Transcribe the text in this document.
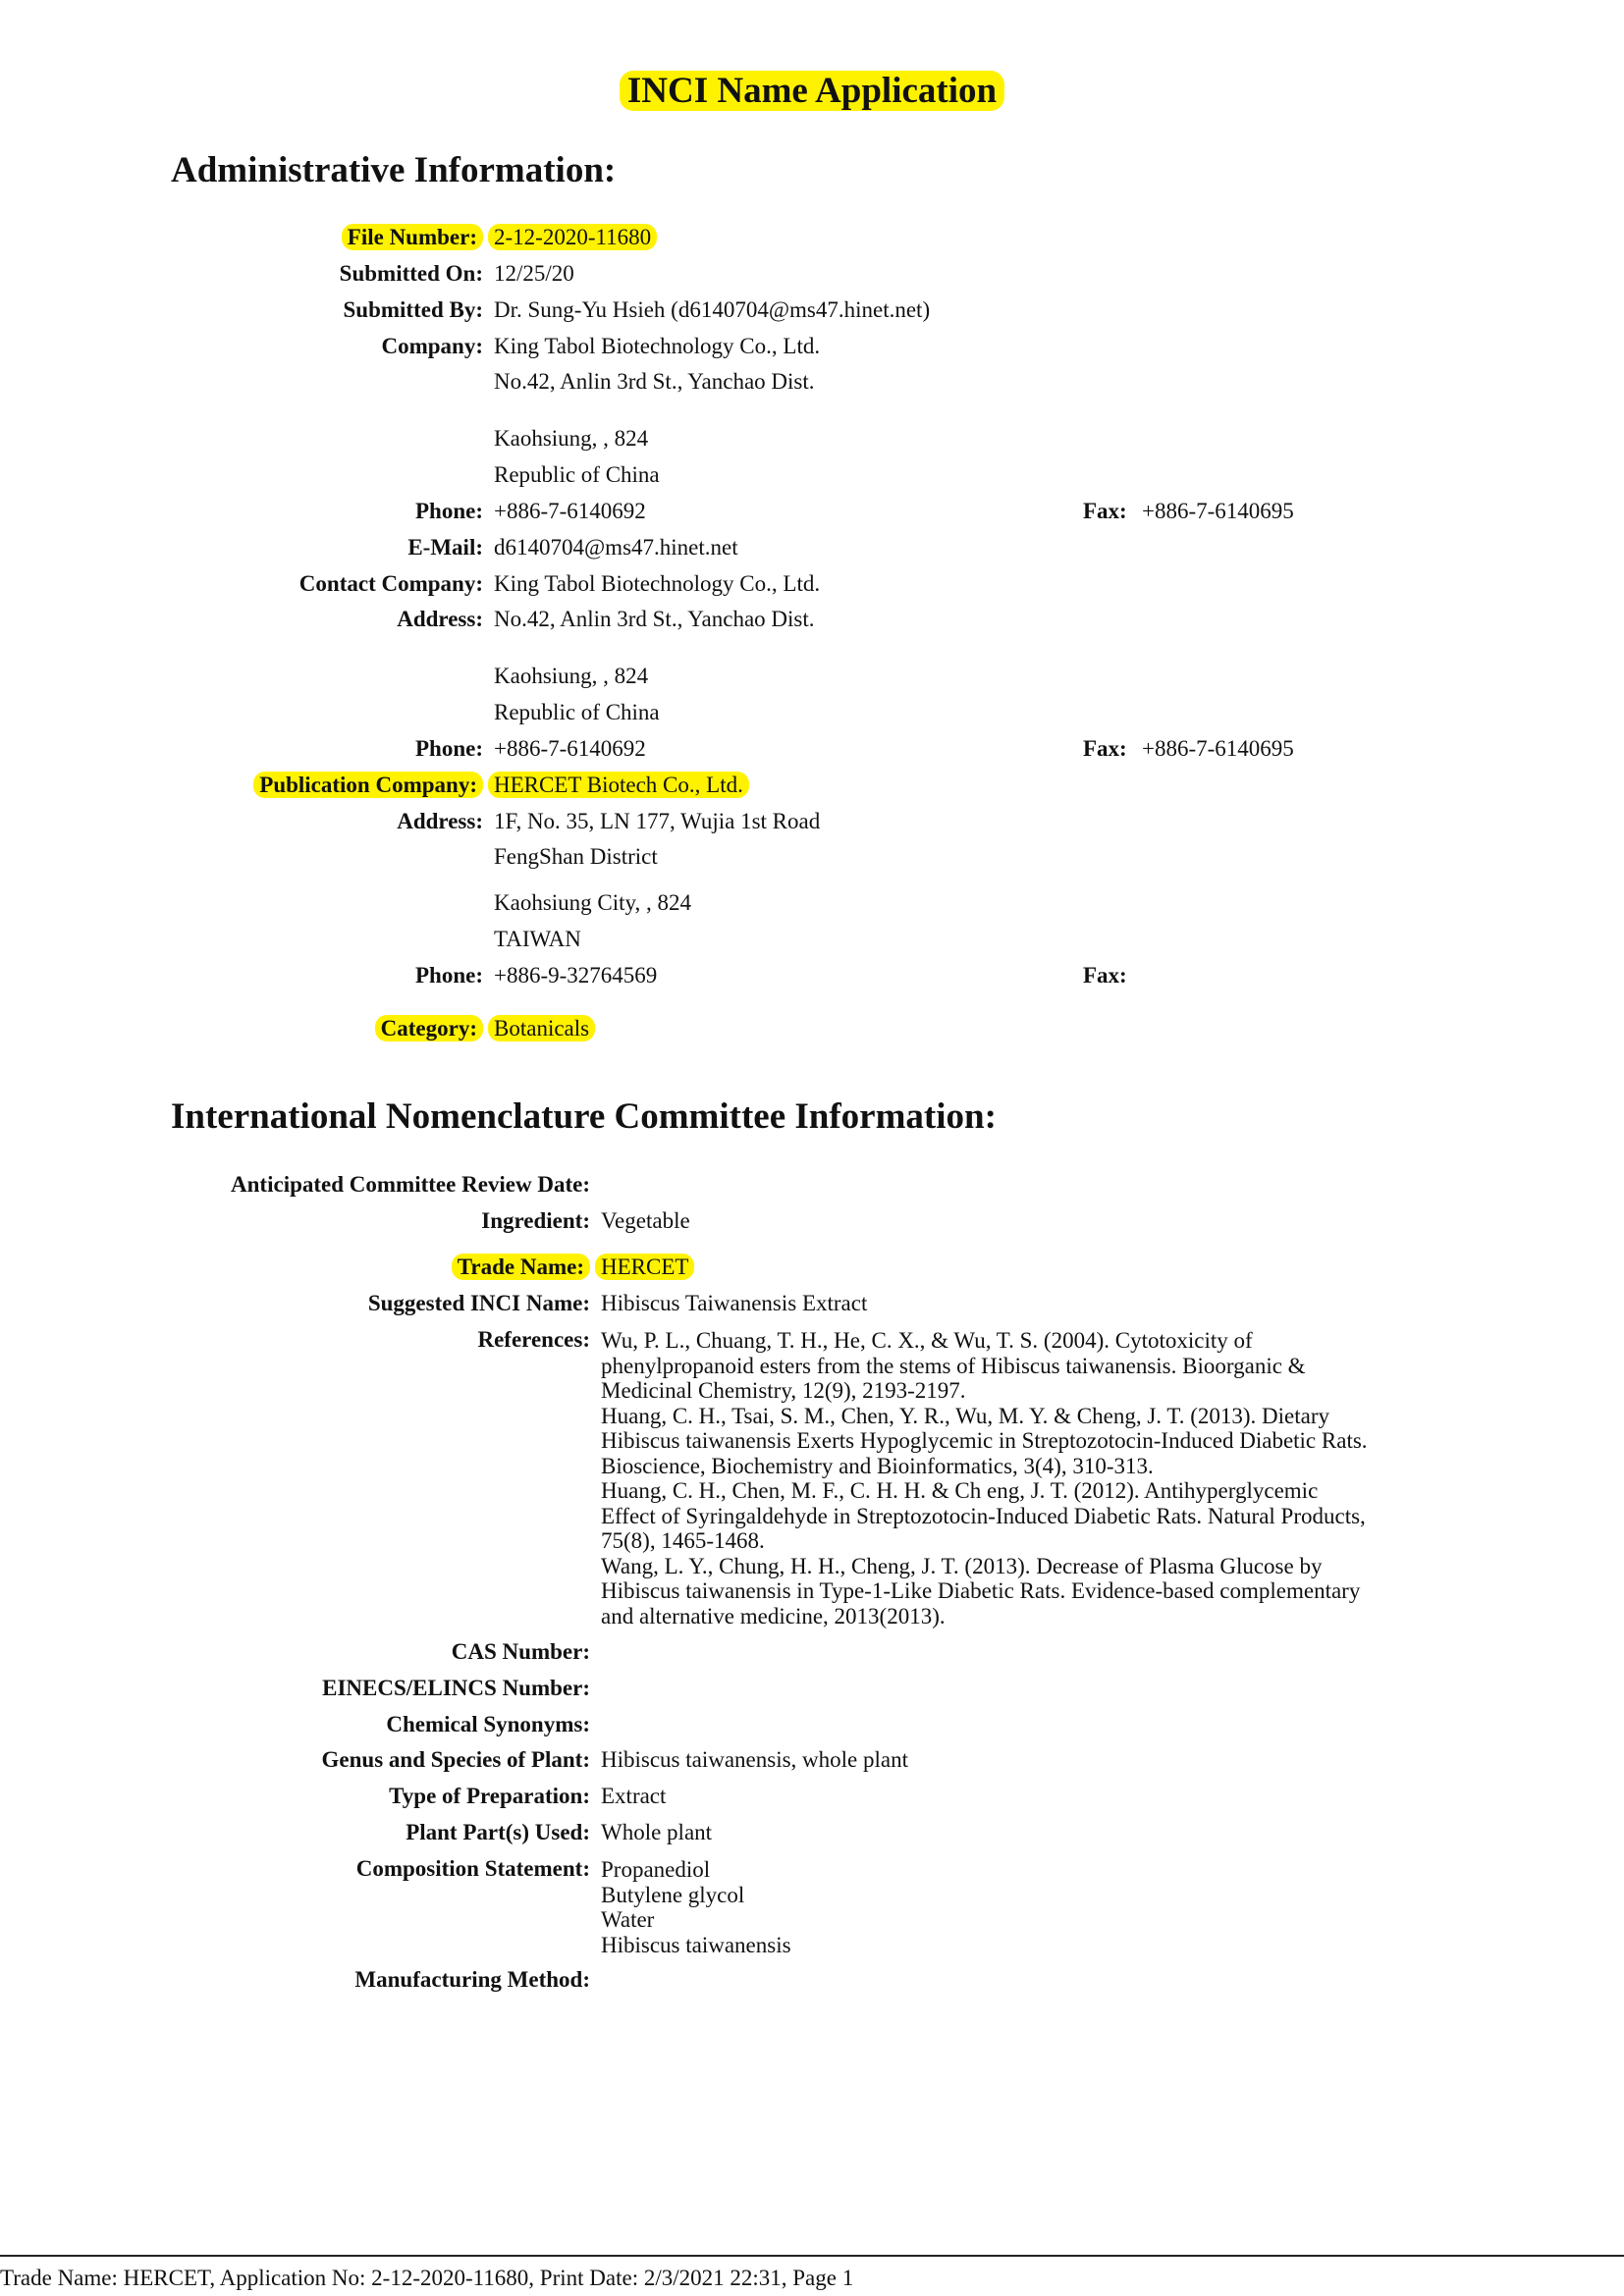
INCI Name Application
Administrative Information:
File Number: 2-12-2020-11680
Submitted On: 12/25/20
Submitted By: Dr. Sung-Yu Hsieh (d6140704@ms47.hinet.net)
Company: King Tabol Biotechnology Co., Ltd.
No.42, Anlin 3rd St., Yanchao Dist.
Kaohsiung, , 824
Republic of China
Phone: +886-7-6140692	Fax: +886-7-6140695
E-Mail: d6140704@ms47.hinet.net
Contact Company: King Tabol Biotechnology Co., Ltd.
Address: No.42, Anlin 3rd St., Yanchao Dist.
Kaohsiung, , 824
Republic of China
Phone: +886-7-6140692	Fax: +886-7-6140695
Publication Company: HERCET Biotech Co., Ltd.
Address: 1F, No. 35, LN 177, Wujia 1st Road
FengShan District
Kaohsiung City, , 824
TAIWAN
Phone: +886-9-32764569	Fax:
Category: Botanicals
International Nomenclature Committee Information:
Anticipated Committee Review Date:
Ingredient: Vegetable
Trade Name: HERCET
Suggested INCI Name: Hibiscus Taiwanensis Extract
References: Wu, P. L., Chuang, T. H., He, C. X., & Wu, T. S. (2004). Cytotoxicity of
phenylpropanoid esters from the stems of Hibiscus taiwanensis. Bioorganic &
Medicinal Chemistry, 12(9), 2193-2197.
Huang, C. H., Tsai, S. M., Chen, Y. R., Wu, M. Y. & Cheng, J. T. (2013). Dietary
Hibiscus taiwanensis Exerts Hypoglycemic in Streptozotocin-Induced Diabetic Rats.
Bioscience, Biochemistry and Bioinformatics, 3(4), 310-313.
Huang, C. H., Chen, M. F., C. H. H. & Ch eng, J. T. (2012). Antihyperglycemic
Effect of Syringaldehyde in Streptozotocin-Induced Diabetic Rats. Natural Products,
75(8), 1465-1468.
Wang, L. Y., Chung, H. H., Cheng, J. T. (2013). Decrease of Plasma Glucose by
Hibiscus taiwanensis in Type-1-Like Diabetic Rats. Evidence-based complementary
and alternative medicine, 2013(2013).
CAS Number:
EINECS/ELINCS Number:
Chemical Synonyms:
Genus and Species of Plant: Hibiscus taiwanensis, whole plant
Type of Preparation: Extract
Plant Part(s) Used: Whole plant
Composition Statement: Propanediol
Butylene glycol
Water
Hibiscus taiwanensis
Manufacturing Method:
Trade Name: HERCET, Application No: 2-12-2020-11680, Print Date: 2/3/2021 22:31, Page 1
